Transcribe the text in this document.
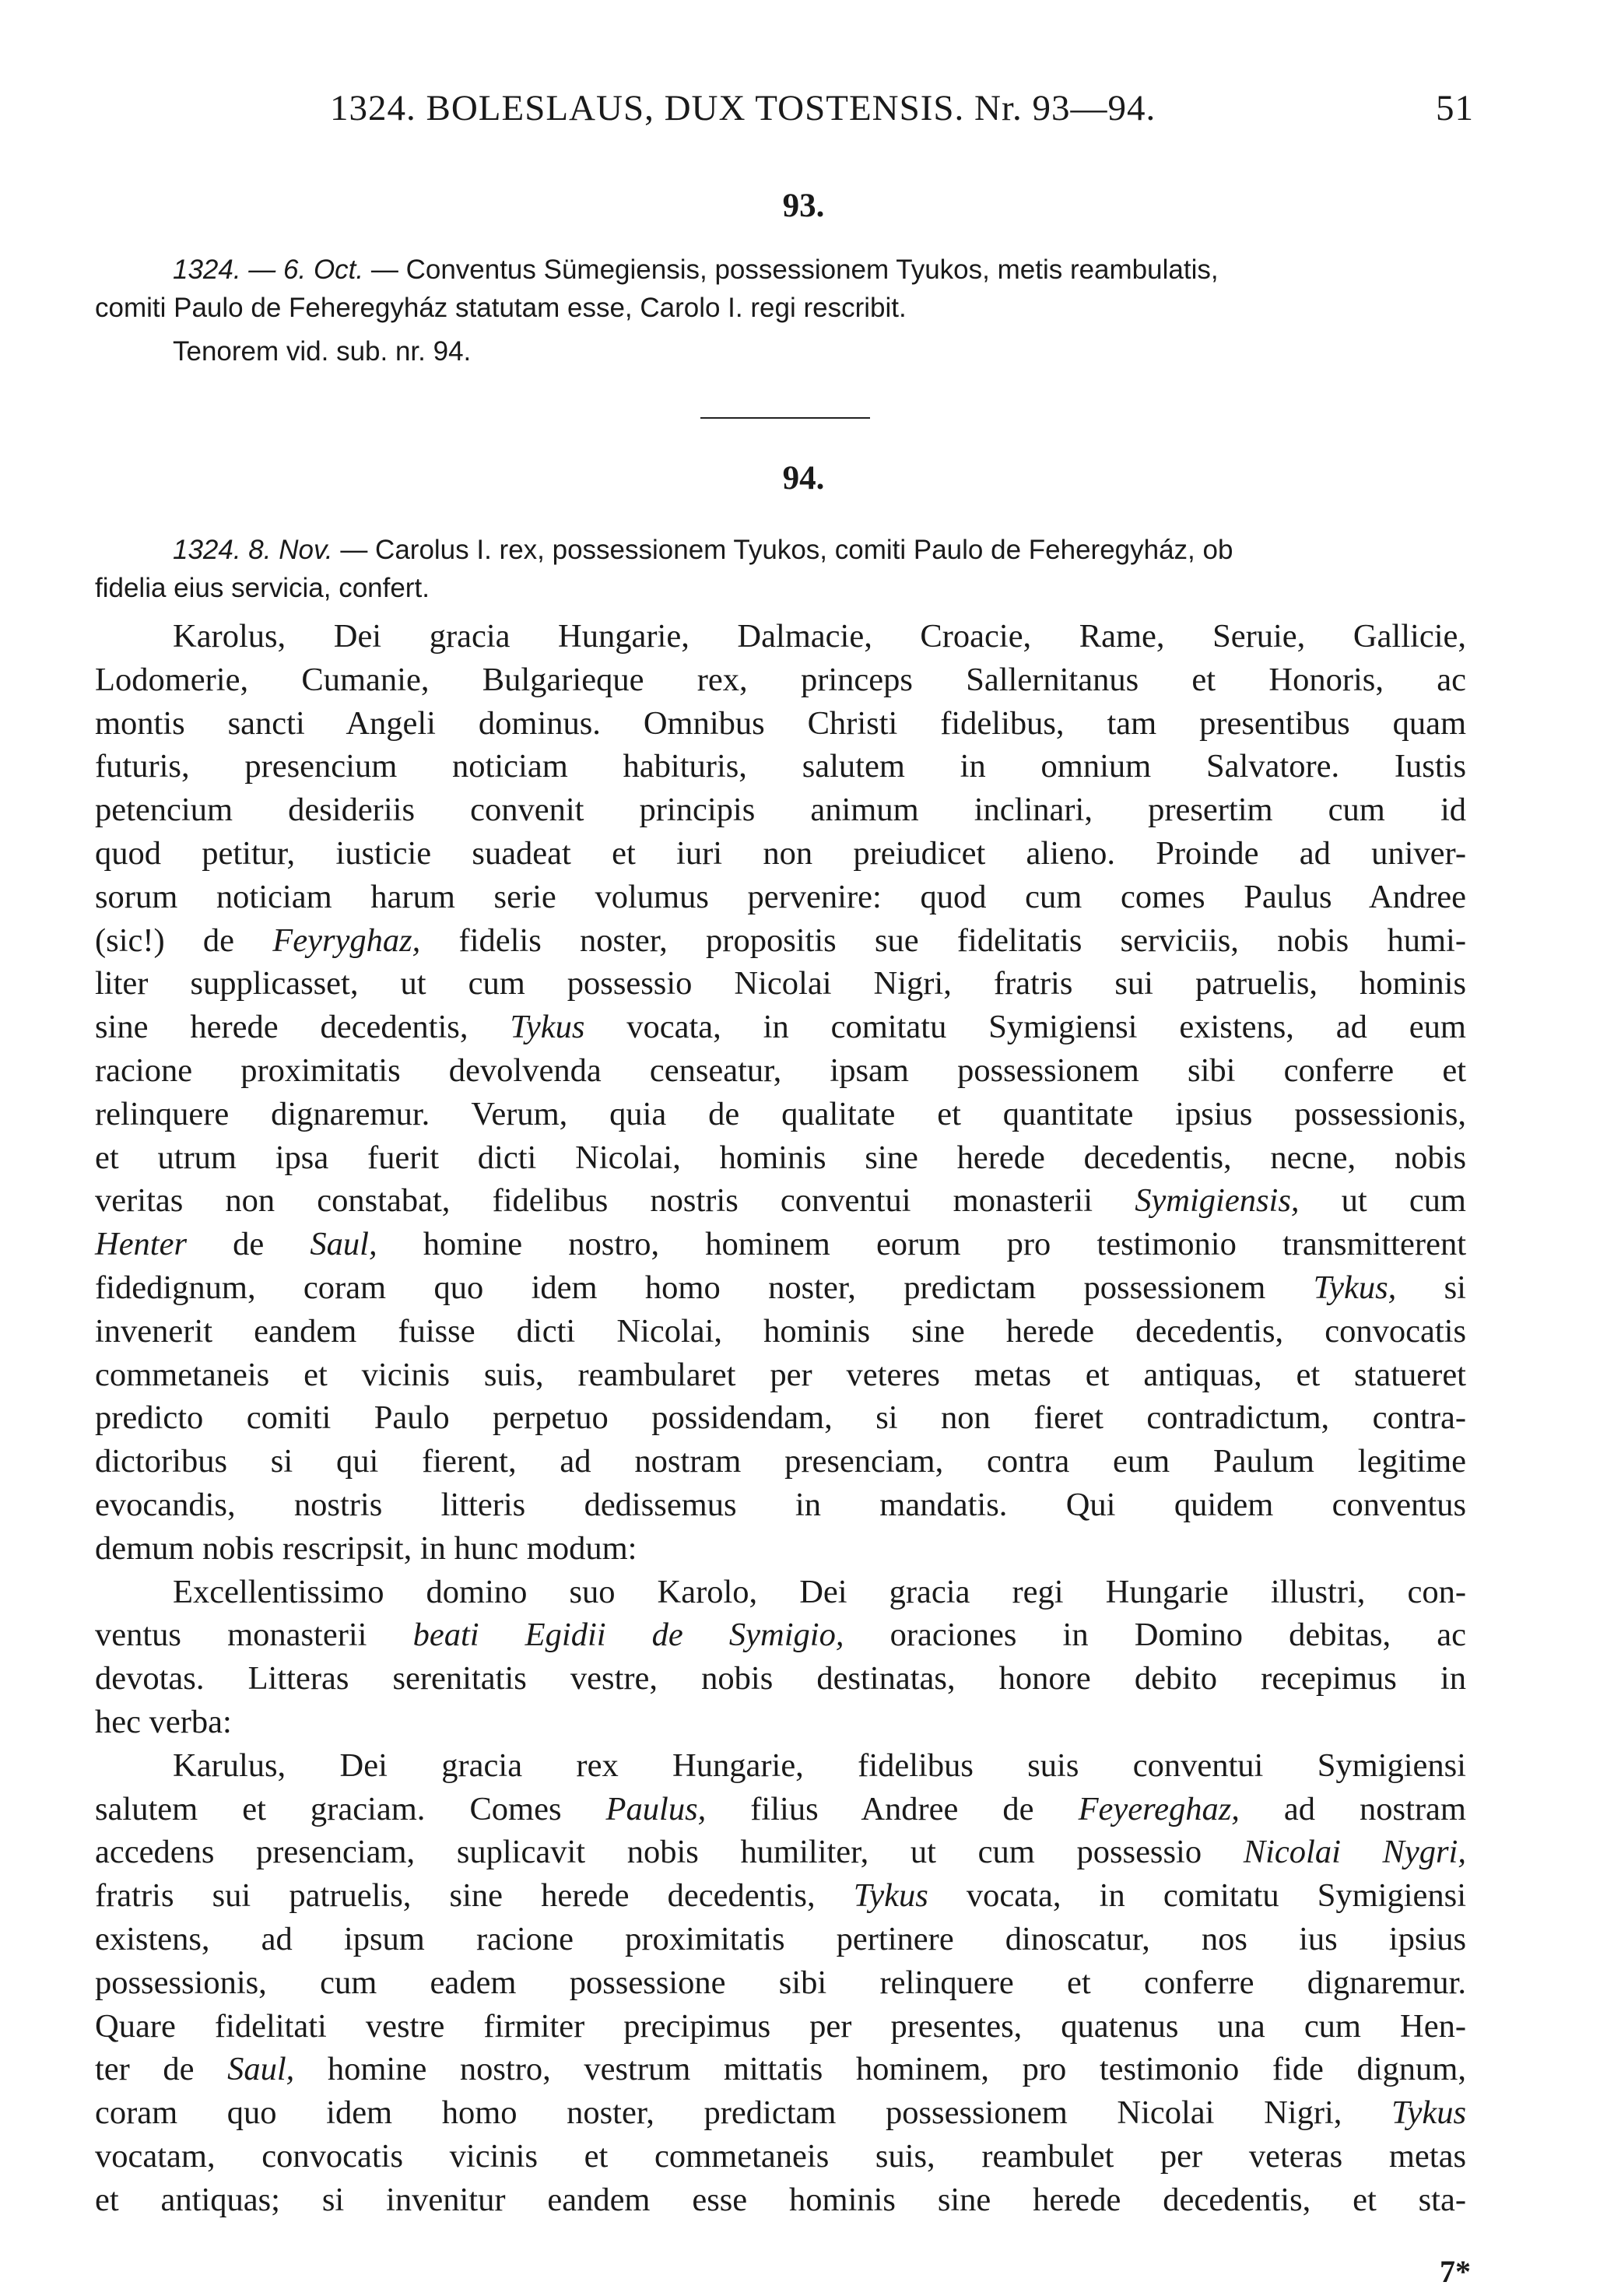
1324. BOLESLAUS, DUX TOSTENSIS. Nr. 93—94.	51
93.
1324. — 6. Oct. — Conventus Sümegiensis, possessionem Tyukos, metis reambulatis,
comiti Paulo de Feheregyház statutam esse, Carolo I. regi rescribit.
Tenorem vid. sub. nr. 94.
94.
1324. 8. Nov. — Carolus I. rex, possessionem Tyukos, comiti Paulo de Feheregyház, ob
fidelia eius servicia, confert.
Karolus, Dei gracia Hungarie, Dalmacie, Croacie, Rame, Seruie, Gallicie,
Lodomerie, Cumanie, Bulgarieque rex, princeps Sallernitanus et Honoris, ac
montis sancti Angeli dominus. Omnibus Christi fidelibus, tam presentibus quam
futuris, presencium noticiam habituris, salutem in omnium Salvatore. Iustis
petencium desideriis convenit principis animum inclinari, presertim cum id
quod petitur, iusticie suadeat et iuri non preiudicet alieno. Proinde ad univer-
sorum noticiam harum serie volumus pervenire: quod cum comes Paulus Andree
(sic!) de Feyryghaz, fidelis noster, propositis sue fidelitatis serviciis, nobis humi-
liter supplicasset, ut cum possessio Nicolai Nigri, fratris sui patruelis, hominis
sine herede decedentis, Tykus vocata, in comitatu Symigiensi existens, ad eum
racione proximitatis devolvenda censeatur, ipsam possessionem sibi conferre et
relinquere dignaremur. Verum, quia de qualitate et quantitate ipsius possessionis,
et utrum ipsa fuerit dicti Nicolai, hominis sine herede decedentis, necne, nobis
veritas non constabat, fidelibus nostris conventui monasterii Symigiensis, ut cum
Henter de Saul, homine nostro, hominem eorum pro testimonio transmitterent
fidedignum, coram quo idem homo noster, predictam possessionem Tykus, si
invenerit eandem fuisse dicti Nicolai, hominis sine herede decedentis, convocatis
commetaneis et vicinis suis, reambularet per veteres metas et antiquas, et statueret
predicto comiti Paulo perpetuo possidendam, si non fieret contradictum, contra-
dictoribus si qui fierent, ad nostram presenciam, contra eum Paulum legitime
evocandis, nostris litteris dedissemus in mandatis. Qui quidem conventus
demum nobis rescripsit, in hunc modum:
Excellentissimo domino suo Karolo, Dei gracia regi Hungarie illustri, con-
ventus monasterii beati Egidii de Symigio, oraciones in Domino debitas, ac
devotas. Litteras serenitatis vestre, nobis destinatas, honore debito recepimus in
hec verba:
Karulus, Dei gracia rex Hungarie, fidelibus suis conventui Symigiensi
salutem et graciam. Comes Paulus, filius Andree de Feyereghaz, ad nostram
accedens presenciam, suplicavit nobis humiliter, ut cum possessio Nicolai Nygri,
fratris sui patruelis, sine herede decedentis, Tykus vocata, in comitatu Symigiensi
existens, ad ipsum racione proximitatis pertinere dinoscatur, nos ius ipsius
possessionis, cum eadem possessione sibi relinquere et conferre dignaremur.
Quare fidelitati vestre firmiter precipimus per presentes, quatenus una cum Hen-
ter de Saul, homine nostro, vestrum mittatis hominem, pro testimonio fide dignum,
coram quo idem homo noster, predictam possessionem Nicolai Nigri, Tykus
vocatam, convocatis vicinis et commetaneis suis, reambulet per veteras metas
et antiquas; si invenitur eandem esse hominis sine herede decedentis, et sta-
7*
